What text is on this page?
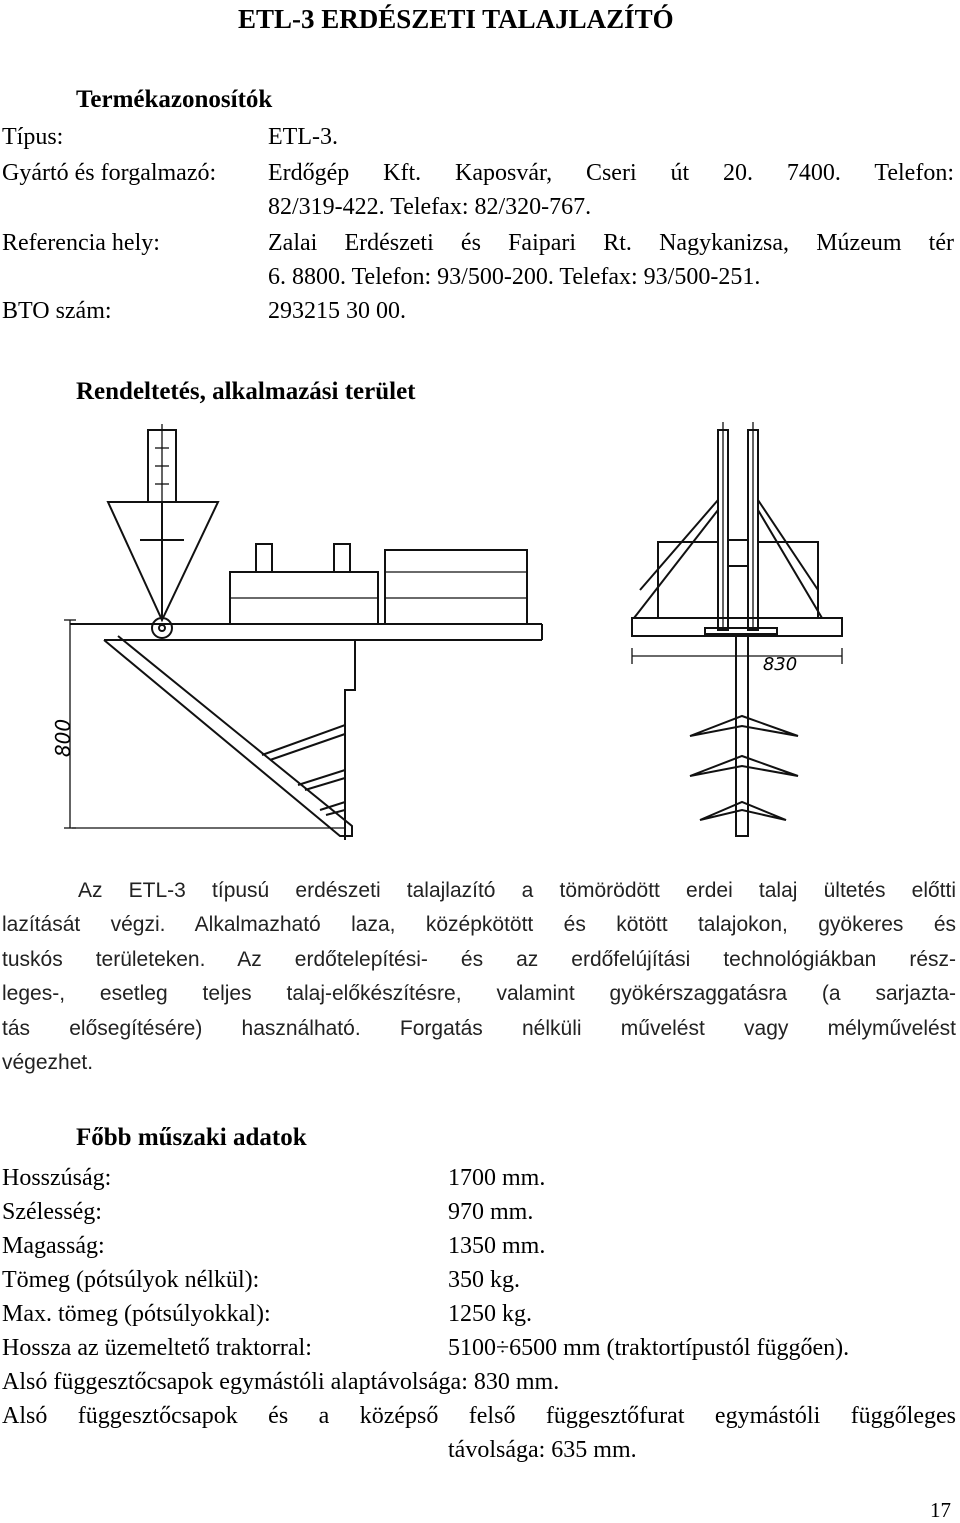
ETL-3 ERDÉSZETI TALAJLAZÍTÓ
Termékazonosítók
Típus:	ETL-3.
Gyártó és forgalmazó: Erdőgép Kft. Kaposvár, Cseri út 20. 7400. Telefon:
82/319-422. Telefax: 82/320-767.
Referencia hely:	Zalai Erdészeti és Faipari Rt. Nagykanizsa, Múzeum tér
6. 8800. Telefon: 93/500-200. Telefax: 93/500-251.
BTO szám:	293215 30 00.
Rendeltetés, alkalmazási terület
800
830
Az ETL-3 típusú erdészeti talajlazító a tömörödött erdei talaj ültetés előtti
lazítását végzi. Alkalmazható laza, középkötött és kötött talajokon, gyökeres és
tuskós területeken. Az erdőtelepítési- és az erdőfelújítási technológiákban rész-
leges-, esetleg teljes talaj-előkészítésre, valamint gyökérszaggatásra (a sarjazta-
tás elősegítésére) használható. Forgatás nélküli művelést vagy mélyművelést
végezhet.
Főbb műszaki adatok
Hosszúság:	1700 mm.
Szélesség:	970 mm.
Magasság:	1350 mm.
Tömeg (pótsúlyok nélkül):	350 kg.
Max. tömeg (pótsúlyokkal):	1250 kg.
Hossza az üzemeltető traktorral:	5100÷6500 mm (traktortípustól függően).
Alsó függesztőcsapok egymástóli alaptávolsága: 830 mm.
Alsó függesztőcsapok és a középső felső függesztőfurat egymástóli függőleges
távolsága: 635 mm.
17
